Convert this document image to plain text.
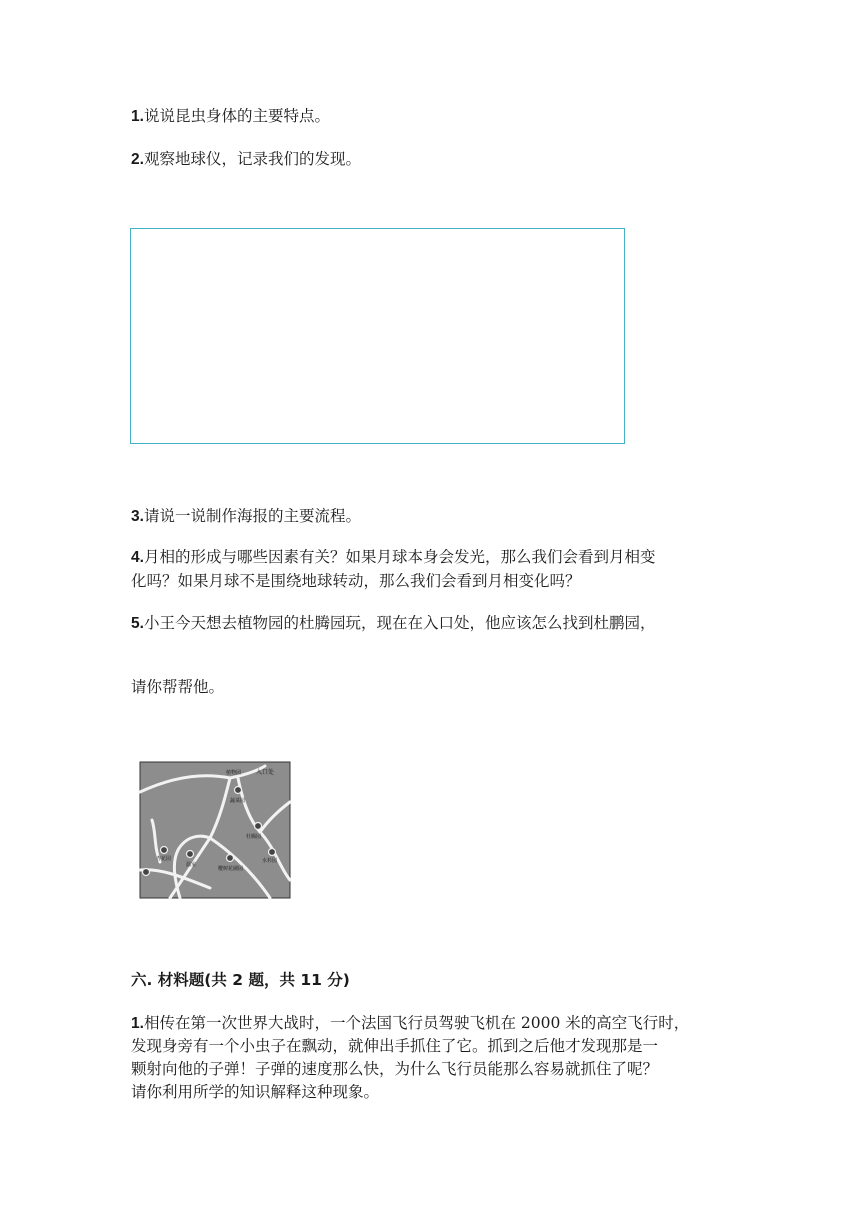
1.说说昆虫身体的主要特点。
2.观察地球仪，记录我们的发现。
3.请说一说制作海报的主要流程。
4.月相的形成与哪些因素有关？如果月球本身会发光，那么我们会看到月相变
化吗？如果月球不是围绕地球转动，那么我们会看到月相变化吗？
5.小王今天想去植物园的杜腾园玩，现在在入口处，他应该怎么找到杜鹏园，
请你帮帮他。
植物园 入口处
蔬菜园
杜腾园
水杉园
温室
樱树花圃园
杏花园
六. 材料题(共 2 题，共 11 分)
1.相传在第一次世界大战时，一个法国飞行员驾驶飞机在 2000 米的高空飞行时，
发现身旁有一个小虫子在飘动，就伸出手抓住了它。抓到之后他才发现那是一
颗射向他的子弹！子弹的速度那么快，为什么飞行员能那么容易就抓住了呢？
请你利用所学的知识解释这种现象。
